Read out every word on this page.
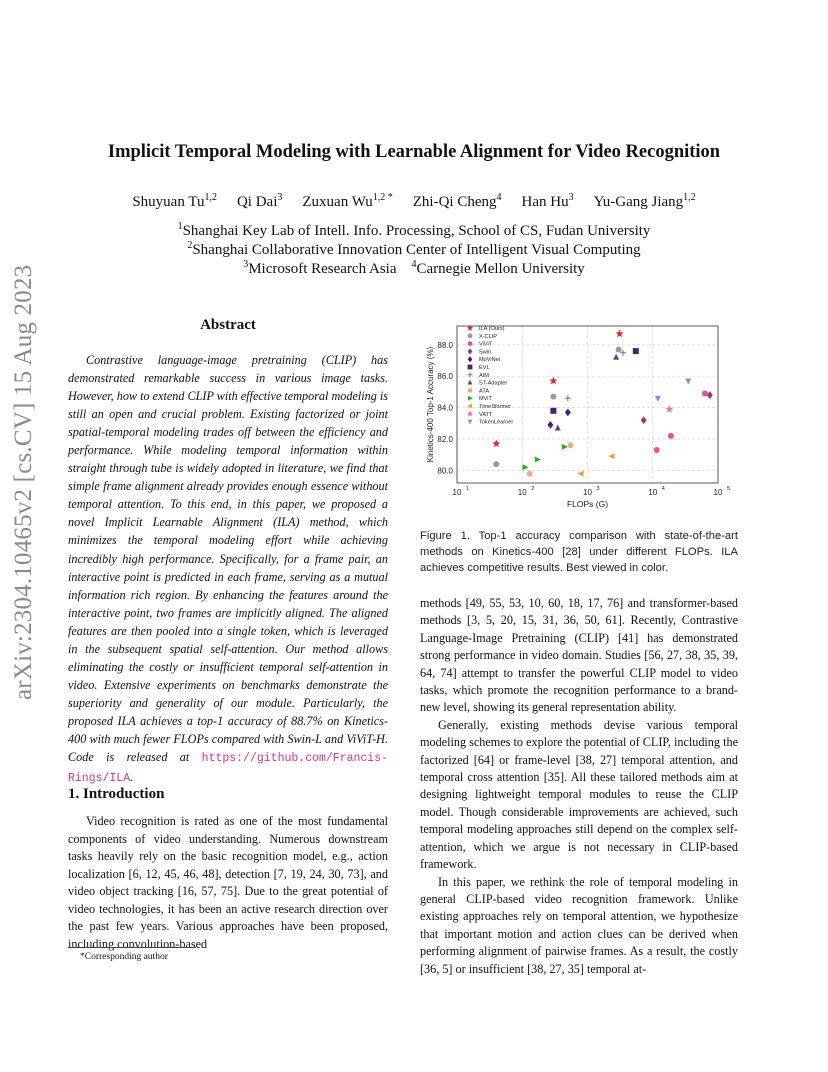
arXiv:2304.10465v2 [cs.CV] 15 Aug 2023
Implicit Temporal Modeling with Learnable Alignment for Video Recognition
Shuyuan Tu$^{1,2}$ Qi Dai$^3$ Zuxuan $Wu^{1,2 *}$ Zhi-Qi Cheng$^4$ Han Hu$^3$ Yu-Gang Jiang$^{1,2}$
$^1$Shanghai Key Lab of Intell. Info. Processing, School of CS, Fudan University
$^2$Shanghai Collaborative Innovation Center of Intelligent Visual Computing
$^3$Microsoft Research Asia $^4$Carnegie Mellon University
Abstract
Contrastive language-image pretraining (CLIP) has demonstrated remarkable success in various image tasks. However, how to extend CLIP with effective temporal modeling is still an open and crucial problem. Existing factorized or joint spatial-temporal modeling trades off between the efficiency and performance. While modeling temporal information within straight through tube is widely adopted in literature, we find that simple frame alignment already provides enough essence without temporal attention. To this end, in this paper, we proposed a novel Implicit Learnable Alignment (ILA) method, which minimizes the temporal modeling effort while achieving incredibly high performance. Specifically, for a frame pair, an interactive point is predicted in each frame, serving as a mutual information rich region. By enhancing the features around the interactive point, two frames are implicitly aligned. The aligned features are then pooled into a single token, which is leveraged in the subsequent spatial self-attention. Our method allows eliminating the costly or insufficient temporal self-attention in video. Extensive experiments on benchmarks demonstrate the superiority and generality of our module. Particularly, the proposed ILA achieves a top-1 accuracy of 88.7% on Kinetics-400 with much fewer FLOPs compared with Swin-L and ViViT-H. Code is released at https://github.com/Francis-Rings/ILA.
1. Introduction
Video recognition is rated as one of the most fundamental components of video understanding. Numerous downstream tasks heavily rely on the basic recognition model, e.g., action localization [6, 12, 45, 46, 48], detection [7, 19, 24, 30, 73], and video object tracking [16, 57, 75]. Due to the great potential of video technologies, it has been an active research direction over the past few years. Various approaches have been proposed, including convolution-based
*Corresponding author
80.0
82.0
84.0
86.0
88.0
10 1	10 2	10 3	10 4	10 5
FLOPs (G)
Kinetics-400 Top-1 Accuracy (%)
ILA (Ours)
X-CLIP
ViViT
Swin
MoViNet
EVL
AIM
ST-Adapter
ATA
MViT
TimeSformer
VATT
TokenLearner
Figure 1. Top-1 accuracy comparison with state-of-the-art methods on Kinetics-400 [28] under different FLOPs. ILA achieves competitive results. Best viewed in color.

methods [49, 55, 53, 10, 60, 18, 17, 76] and transformer-based methods [3, 5, 20, 15, 31, 36, 50, 61]. Recently, Contrastive Language-Image Pretraining (CLIP) [41] has demonstrated strong performance in video domain. Studies [56, 27, 38, 35, 39, 64, 74] attempt to transfer the powerful CLIP model to video tasks, which promote the recognition performance to a brand-new level, showing its general representation ability.

Generally, existing methods devise various temporal modeling schemes to explore the potential of CLIP, including the factorized [64] or frame-level [38, 27] temporal attention, and temporal cross attention [35]. All these tailored methods aim at designing lightweight temporal modules to reuse the CLIP model. Though considerable improvements are achieved, such temporal modeling approaches still depend on the complex self-attention, which we argue is not necessary in CLIP-based framework.

In this paper, we rethink the role of temporal modeling in general CLIP-based video recognition framework. Unlike existing approaches rely on temporal attention, we hypothesize that important motion and action clues can be derived when performing alignment of pairwise frames. As a result, the costly [36, 5] or insufficient [38, 27, 35] temporal at-
